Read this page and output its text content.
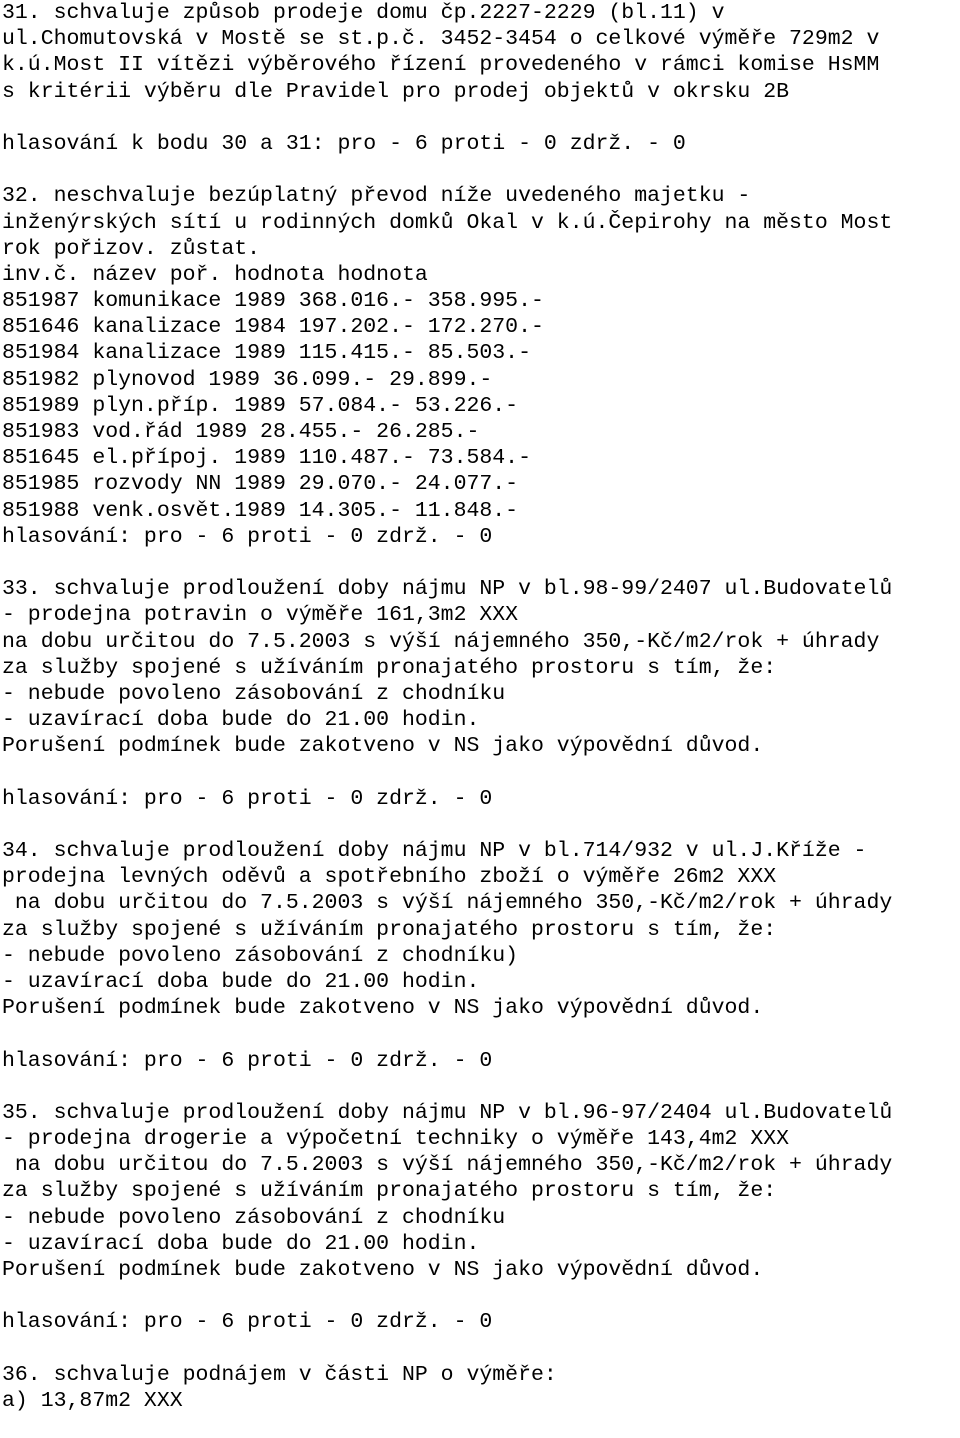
31. schvaluje způsob prodeje domu čp.2227-2229 (bl.11) v
ul.Chomutovská v Mostě se st.p.č. 3452-3454 o celkové výměře 729m2 v
k.ú.Most II vítězi výběrového řízení provedeného v rámci komise HsMM
s kritérii výběru dle Pravidel pro prodej objektů v okrsku 2B
hlasování k bodu 30 a 31: pro - 6 proti - 0 zdrž. - 0
32. neschvaluje bezúplatný převod níže uvedeného majetku -
inženýrských sítí u rodinných domků Okal v k.ú.Čepirohy na město Most
rok pořizov. zůstat.
inv.č. název poř. hodnota hodnota
851987 komunikace 1989 368.016.- 358.995.-
851646 kanalizace 1984 197.202.- 172.270.-
851984 kanalizace 1989 115.415.- 85.503.-
851982 plynovod 1989 36.099.- 29.899.-
851989 plyn.příp. 1989 57.084.- 53.226.-
851983 vod.řád 1989 28.455.- 26.285.-
851645 el.přípoj. 1989 110.487.- 73.584.-
851985 rozvody NN 1989 29.070.- 24.077.-
851988 venk.osvět.1989 14.305.- 11.848.-
hlasování: pro - 6 proti - 0 zdrž. - 0
33. schvaluje prodloužení doby nájmu NP v bl.98-99/2407 ul.Budovatelů
- prodejna potravin o výměře 161,3m2 XXX
na dobu určitou do 7.5.2003 s výší nájemného 350,-Kč/m2/rok + úhrady
za služby spojené s užíváním pronajatého prostoru s tím, že:
- nebude povoleno zásobování z chodníku
- uzavírací doba bude do 21.00 hodin.
Porušení podmínek bude zakotveno v NS jako výpovědní důvod.
hlasování: pro - 6 proti - 0 zdrž. - 0
34. schvaluje prodloužení doby nájmu NP v bl.714/932 v ul.J.Kříže -
prodejna levných oděvů a spotřebního zboží o výměře 26m2 XXX
na dobu určitou do 7.5.2003 s výší nájemného 350,-Kč/m2/rok + úhrady
za služby spojené s užíváním pronajatého prostoru s tím, že:
- nebude povoleno zásobování z chodníku)
- uzavírací doba bude do 21.00 hodin.
Porušení podmínek bude zakotveno v NS jako výpovědní důvod.
hlasování: pro - 6 proti - 0 zdrž. - 0
35. schvaluje prodloužení doby nájmu NP v bl.96-97/2404 ul.Budovatelů
- prodejna drogerie a výpočetní techniky o výměře 143,4m2 XXX
na dobu určitou do 7.5.2003 s výší nájemného 350,-Kč/m2/rok + úhrady
za služby spojené s užíváním pronajatého prostoru s tím, že:
- nebude povoleno zásobování z chodníku
- uzavírací doba bude do 21.00 hodin.
Porušení podmínek bude zakotveno v NS jako výpovědní důvod.
hlasování: pro - 6 proti - 0 zdrž. - 0
36. schvaluje podnájem v části NP o výměře:
a) 13,87m2 XXX
